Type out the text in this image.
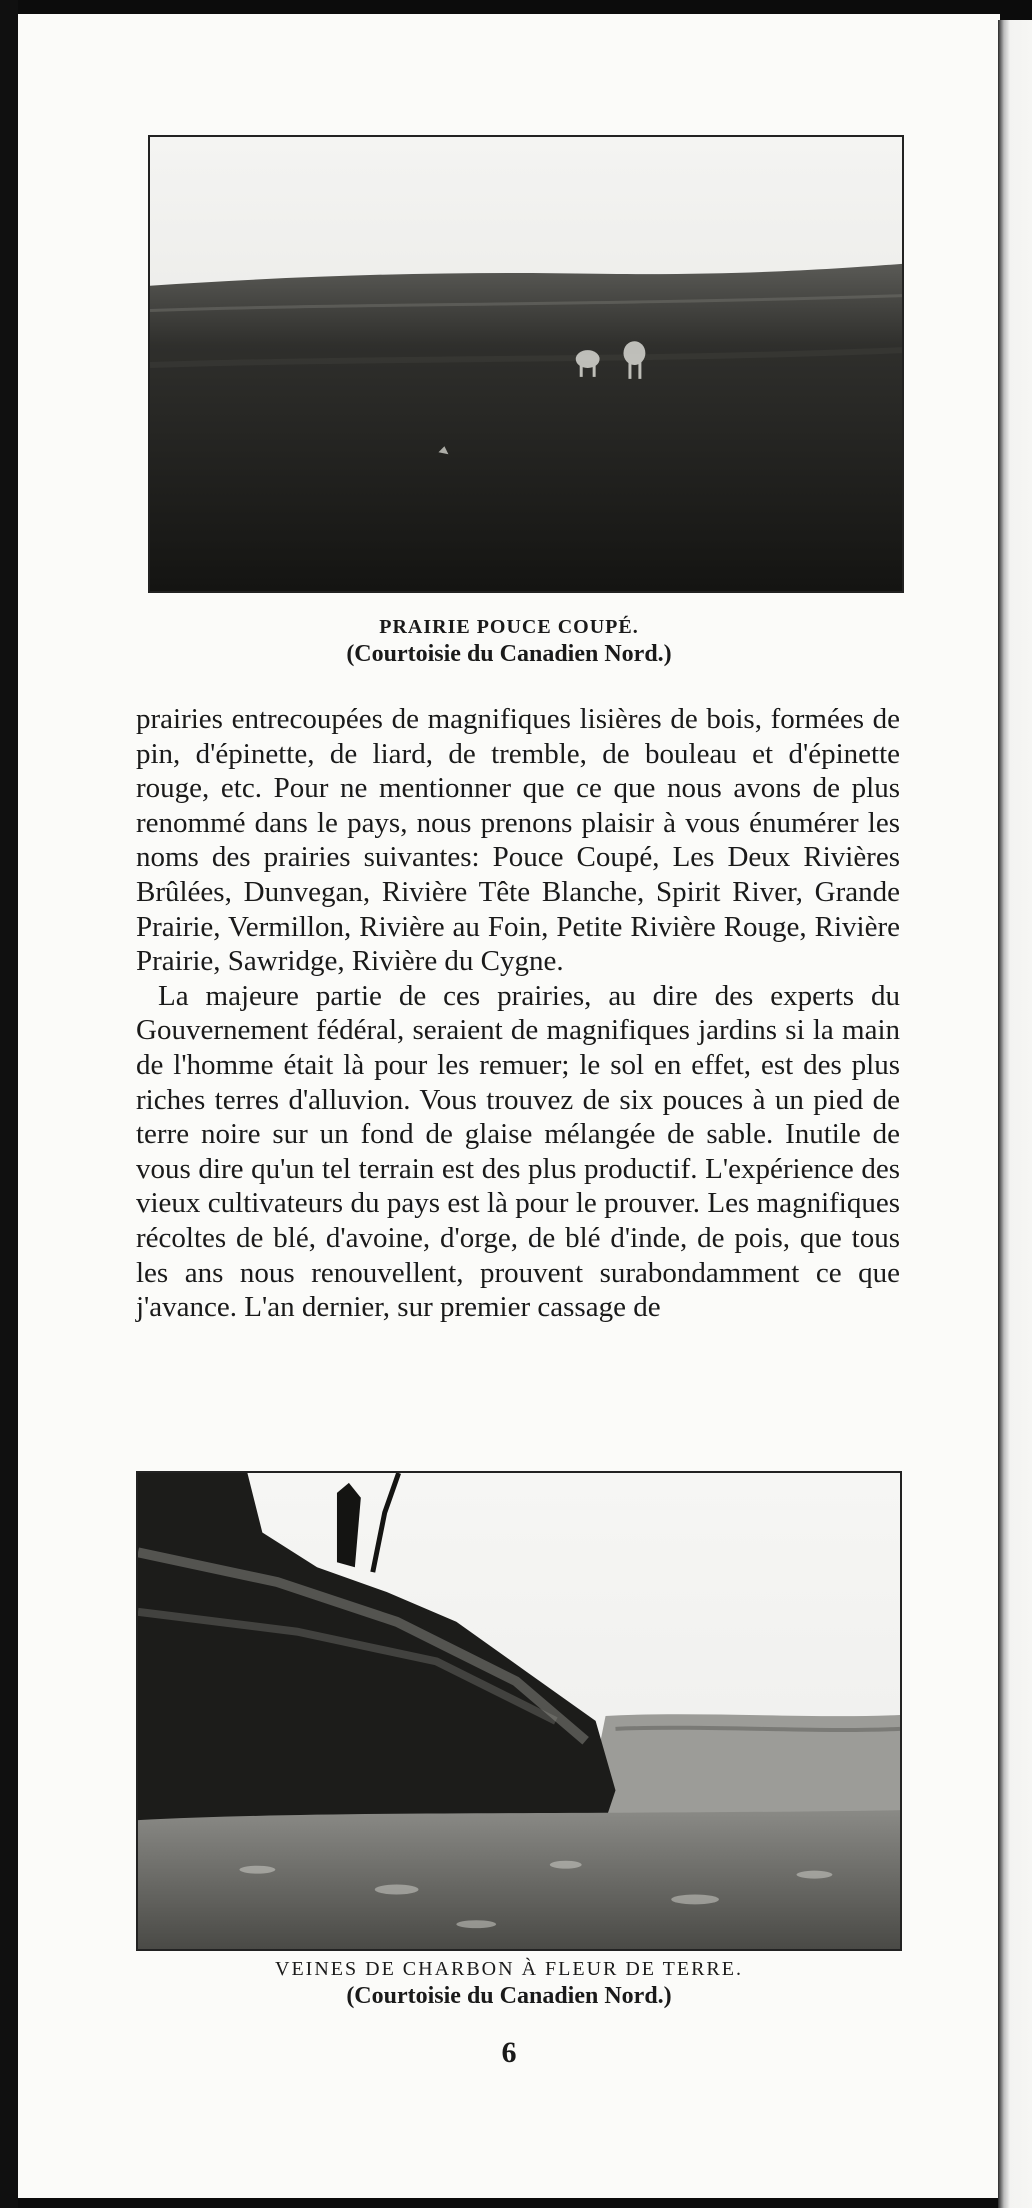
PRAIRIE POUCE COUPÉ.
(Courtoisie du Canadien Nord.)

prairies entrecoupées de magnifiques lisières de bois, formées de pin, d'épinette, de liard, de tremble, de bouleau et d'épinette rouge, etc. Pour ne mentionner que ce que nous avons de plus renommé dans le pays, nous prenons plaisir à vous énumérer les noms des prairies suivantes: Pouce Coupé, Les Deux Rivières Brûlées, Dunvegan, Rivière Tête Blanche, Spirit River, Grande Prairie, Vermillon, Rivière au Foin, Petite Rivière Rouge, Rivière Prairie, Sawridge, Rivière du Cygne.

La majeure partie de ces prairies, au dire des experts du Gouvernement fédéral, seraient de magnifiques jardins si la main de l'homme était là pour les remuer; le sol en effet, est des plus riches terres d'alluvion. Vous trouvez de six pouces à un pied de terre noire sur un fond de glaise mélangée de sable. Inutile de vous dire qu'un tel terrain est des plus productif. L'expérience des vieux cultivateurs du pays est là pour le prouver. Les magnifiques récoltes de blé, d'avoine, d'orge, de blé d'inde, de pois, que tous les ans nous renouvellent, prouvent surabondamment ce que j'avance. L'an dernier, sur premier cassage de

VEINES DE CHARBON À FLEUR DE TERRE.
(Courtoisie du Canadien Nord.)
6
